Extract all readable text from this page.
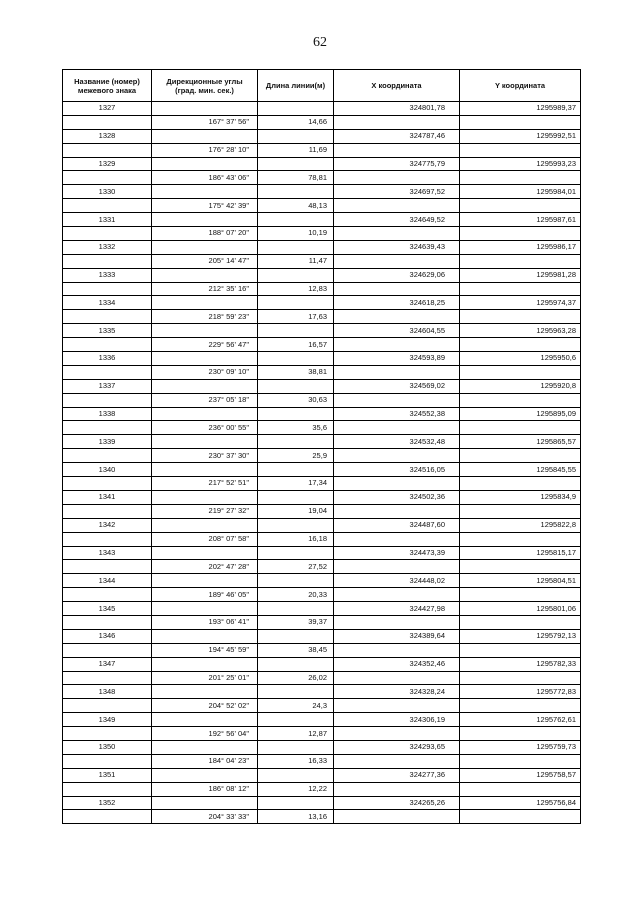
62
Название (номер) межевого знака	Дирекционные углы (град. мин. сек.)	Длина линии(м)	X координата	Y координата
1327			324801,78	1295989,37
	167° 37' 56"	14,66		
1328			324787,46	1295992,51
	176° 28' 10"	11,69		
1329			324775,79	1295993,23
	186° 43' 06"	78,81		
1330			324697,52	1295984,01
	175° 42' 39"	48,13		
1331			324649,52	1295987,61
	188° 07' 20"	10,19		
1332			324639,43	1295986,17
	205° 14' 47"	11,47		
1333			324629,06	1295981,28
	212° 35' 16"	12,83		
1334			324618,25	1295974,37
	218° 59' 23"	17,63		
1335			324604,55	1295963,28
	229° 56' 47"	16,57		
1336			324593,89	1295950,6
	230° 09' 10"	38,81		
1337			324569,02	1295920,8
	237° 05' 18"	30,63		
1338			324552,38	1295895,09
	236° 00' 55"	35,6		
1339			324532,48	1295865,57
	230° 37' 30"	25,9		
1340			324516,05	1295845,55
	217° 52' 51"	17,34		
1341			324502,36	1295834,9
	219° 27' 32"	19,04		
1342			324487,60	1295822,8
	208° 07' 58"	16,18		
1343			324473,39	1295815,17
	202° 47' 28"	27,52		
1344			324448,02	1295804,51
	189° 46' 05"	20,33		
1345			324427,98	1295801,06
	193° 06' 41"	39,37		
1346			324389,64	1295792,13
	194° 45' 59"	38,45		
1347			324352,46	1295782,33
	201° 25' 01"	26,02		
1348			324328,24	1295772,83
	204° 52' 02"	24,3		
1349			324306,19	1295762,61
	192° 56' 04"	12,87		
1350			324293,65	1295759,73
	184° 04' 23"	16,33		
1351			324277,36	1295758,57
	186° 08' 12"	12,22		
1352			324265,26	1295756,84
	204° 33' 33"	13,16		
